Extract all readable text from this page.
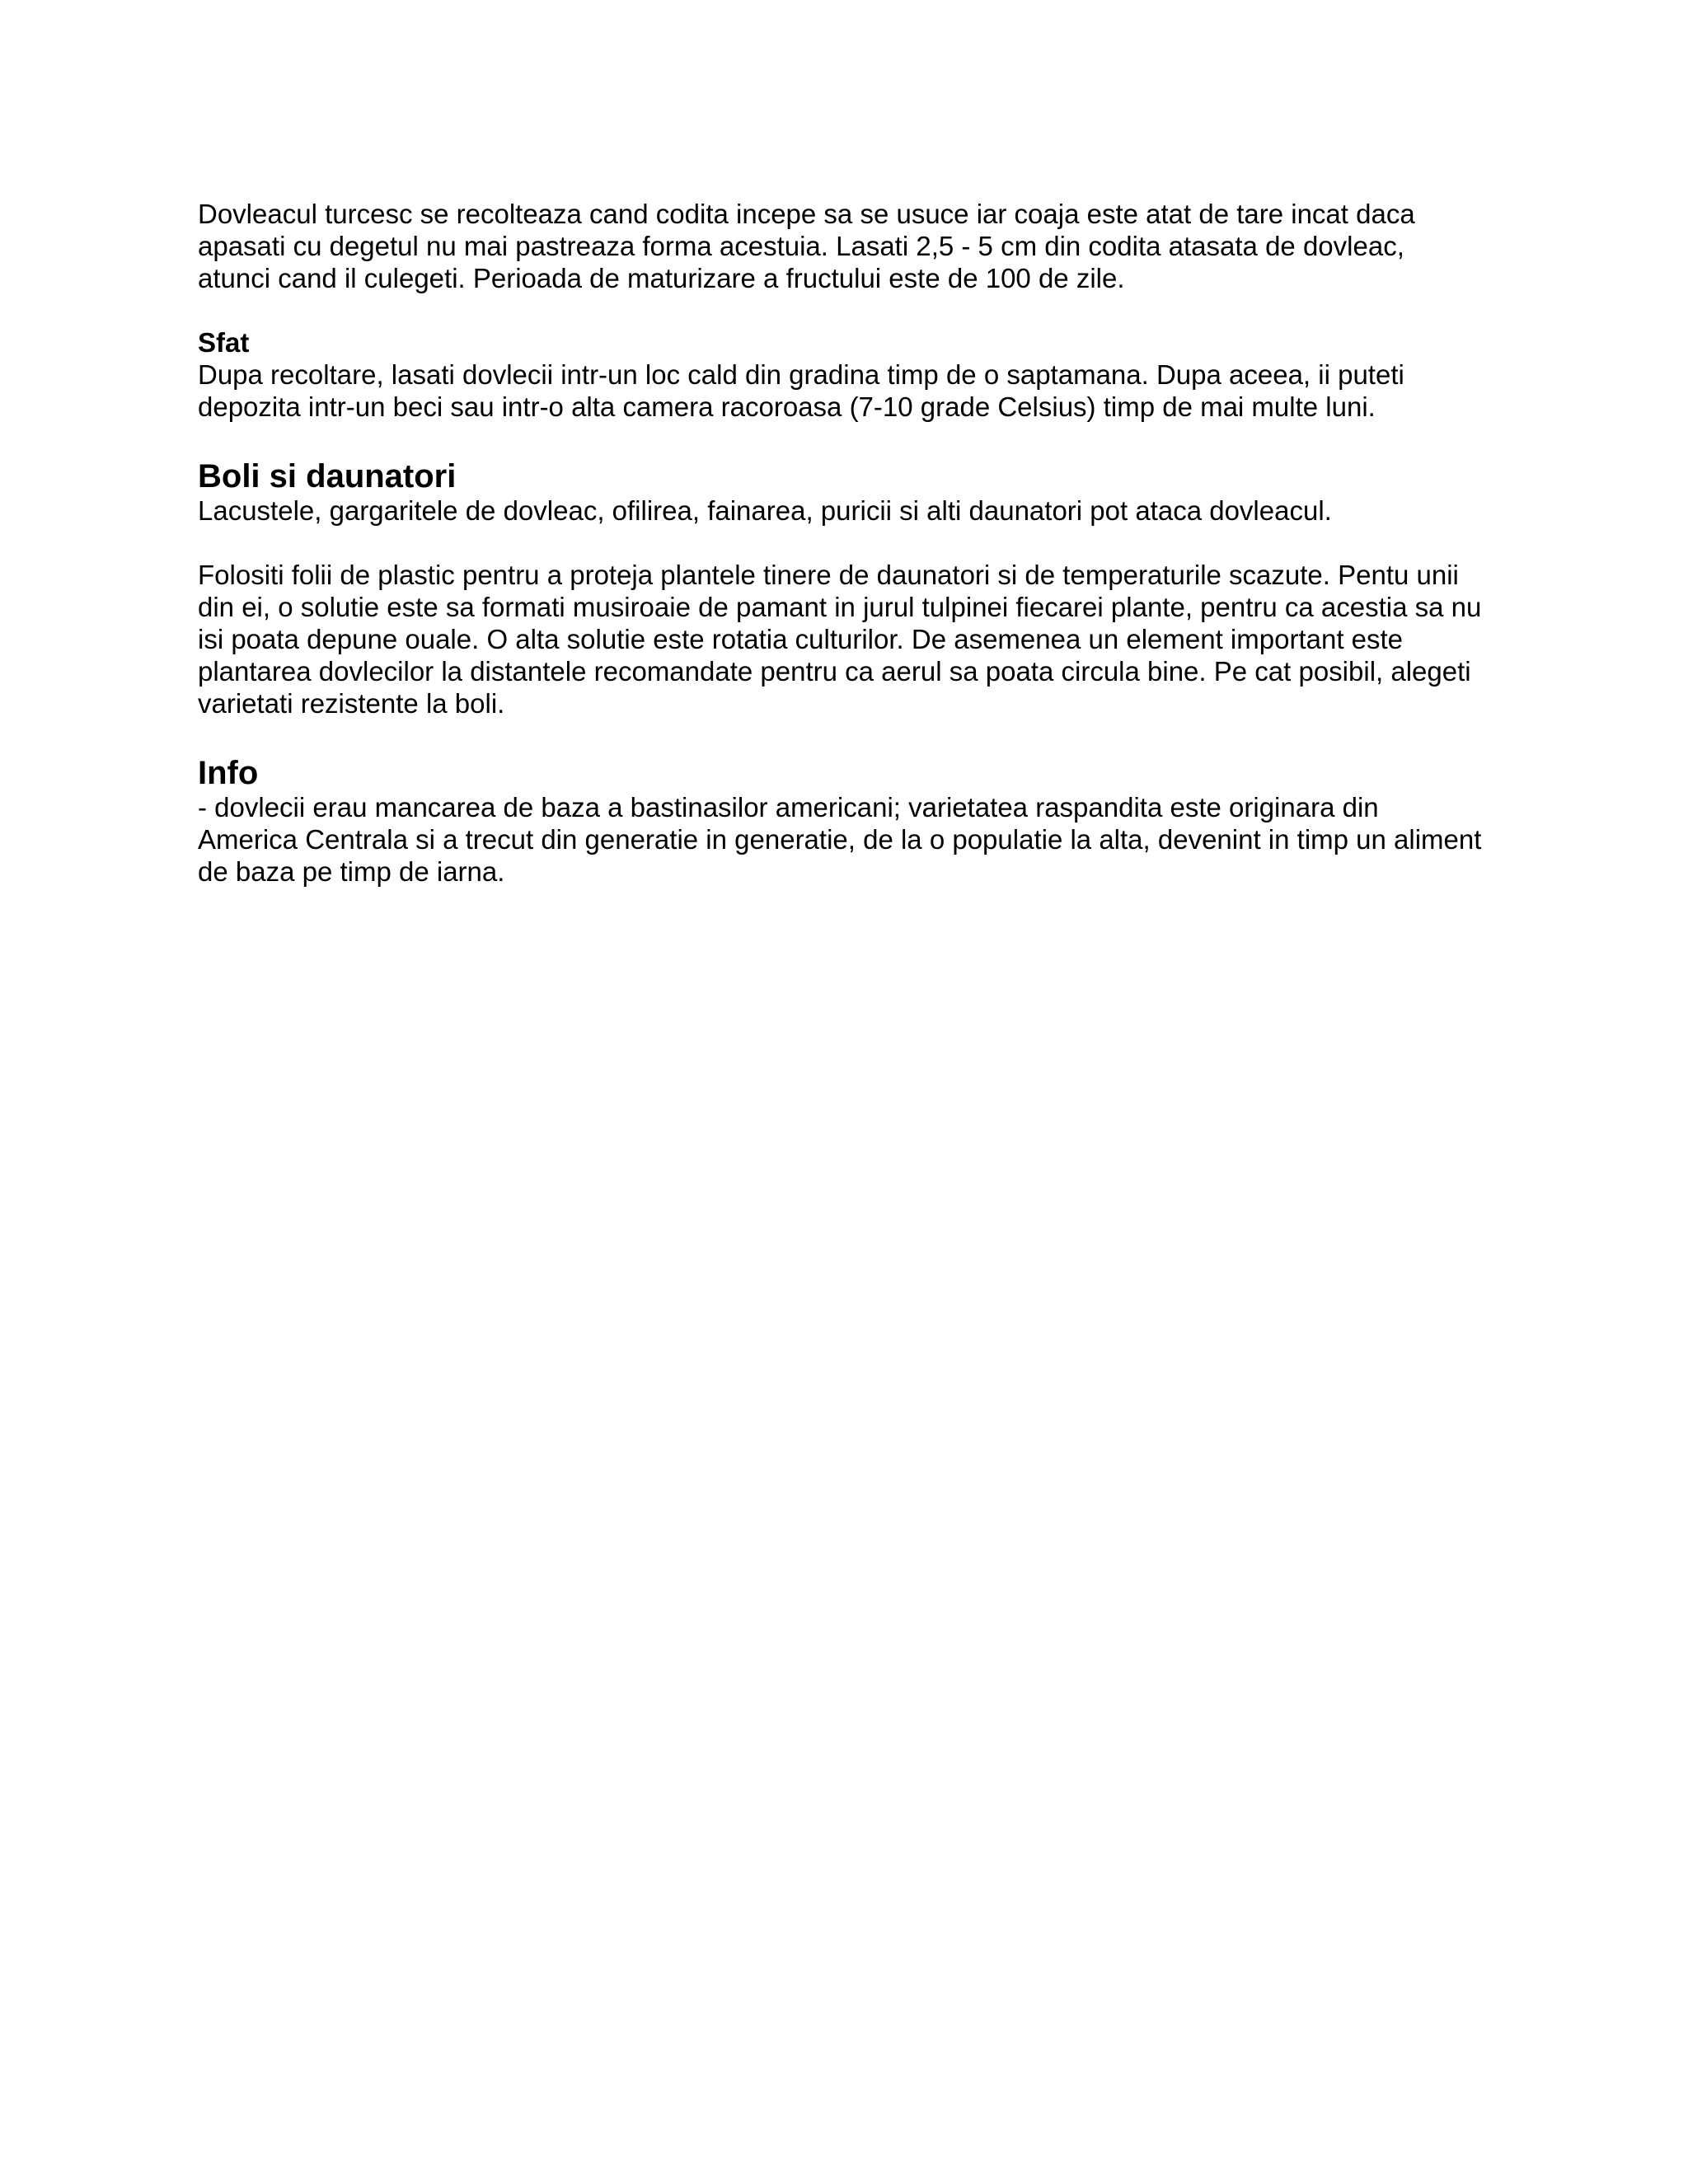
Dovleacul turcesc se recolteaza cand codita incepe sa se usuce iar coaja este atat de tare incat daca apasati cu degetul nu mai pastreaza forma acestuia. Lasati 2,5 - 5 cm din codita atasata de dovleac, atunci cand il culegeti. Perioada de maturizare a fructului este de 100 de zile.

Sfat

Dupa recoltare, lasati dovlecii intr-un loc cald din gradina timp de o saptamana. Dupa aceea, ii puteti depozita intr-un beci sau intr-o alta camera racoroasa (7-10 grade Celsius) timp de mai multe luni.

Boli si daunatori

Lacustele, gargaritele de dovleac, ofilirea, fainarea, puricii si alti daunatori pot ataca dovleacul.

Folositi folii de plastic pentru a proteja plantele tinere de daunatori si de temperaturile scazute. Pentu unii din ei, o solutie este sa formati musiroaie de pamant in jurul tulpinei fiecarei plante, pentru ca acestia sa nu isi poata depune ouale. O alta solutie este rotatia culturilor. De asemenea un element important este plantarea dovlecilor la distantele recomandate pentru ca aerul sa poata circula bine. Pe cat posibil, alegeti varietati rezistente la boli.

Info

- dovlecii erau mancarea de baza a bastinasilor americani; varietatea raspandita este originara din America Centrala si a trecut din generatie in generatie, de la o populatie la alta, devenint in timp un aliment de baza pe timp de iarna.
